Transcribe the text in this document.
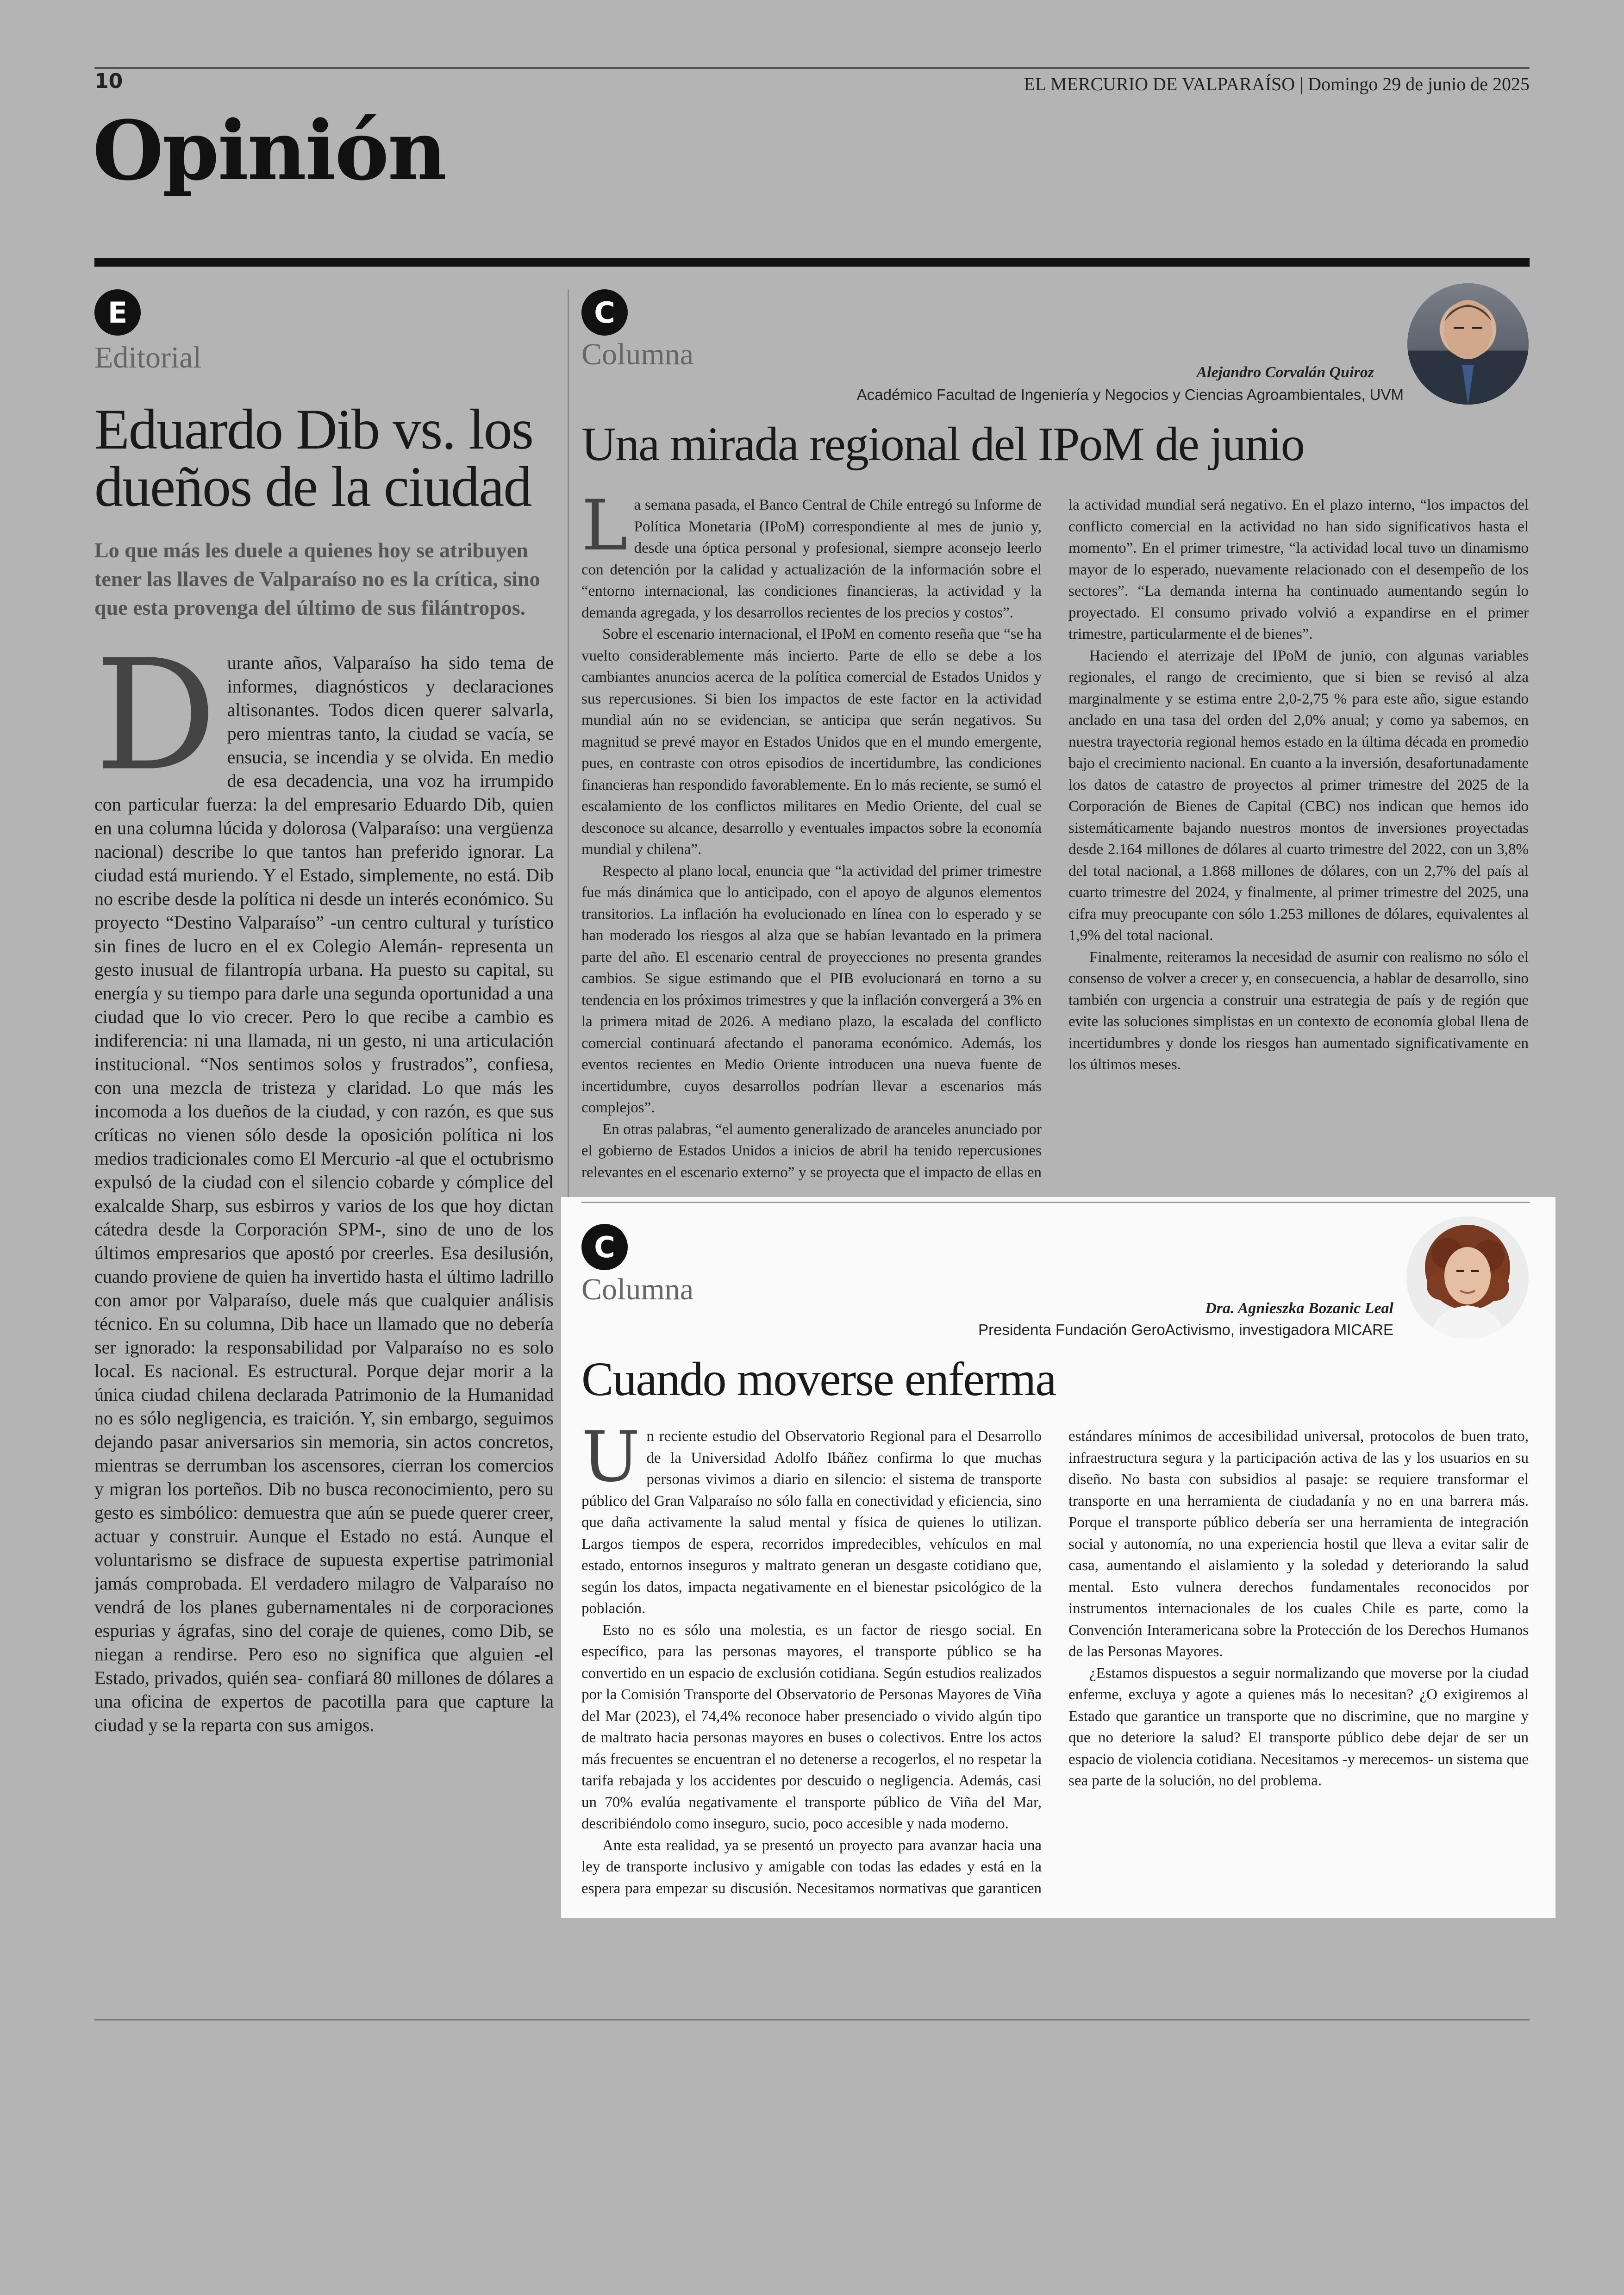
10	EL MERCURIO DE VALPARAÍSO | Domingo 29 de junio de 2025
Opinión
E
Editorial
Eduardo Dib vs. los dueños de la ciudad
Lo que más les duele a quienes hoy se atribuyen tener las llaves de Valparaíso no es la crítica, sino que esta provenga del último de sus filántropos.
D urante años, Valparaíso ha sido tema de informes, diagnósticos y declaraciones altisonantes. Todos dicen querer salvarla, pero mientras tanto, la ciudad se vacía, se ensucia, se incendia y se olvida. En medio de esa decadencia, una voz ha irrumpido con particular fuerza: la del empresario Eduardo Dib, quien en una columna lúcida y dolorosa (Valparaíso: una vergüenza nacional) describe lo que tantos han preferido ignorar. La ciudad está muriendo. Y el Estado, simplemente, no está. Dib no escribe desde la política ni desde un interés económico. Su proyecto “Destino Valparaíso” -un centro cultural y turístico sin fines de lucro en el ex Colegio Alemán- representa un gesto inusual de filantropía urbana. Ha puesto su capital, su energía y su tiempo para darle una segunda oportunidad a una ciudad que lo vio crecer. Pero lo que recibe a cambio es indiferencia: ni una llamada, ni un gesto, ni una articulación institucional. “Nos sentimos solos y frustrados”, confiesa, con una mezcla de tristeza y claridad. Lo que más les incomoda a los dueños de la ciudad, y con razón, es que sus críticas no vienen sólo desde la oposición política ni los medios tradicionales como El Mercurio -al que el octubrismo expulsó de la ciudad con el silencio cobarde y cómplice del exalcalde Sharp, sus esbirros y varios de los que hoy dictan cátedra desde la Corporación SPM-, sino de uno de los últimos empresarios que apostó por creerles. Esa desilusión, cuando proviene de quien ha invertido hasta el último ladrillo con amor por Valparaíso, duele más que cualquier análisis técnico. En su columna, Dib hace un llamado que no debería ser ignorado: la responsabilidad por Valparaíso no es solo local. Es nacional. Es estructural. Porque dejar morir a la única ciudad chilena declarada Patrimonio de la Humanidad no es sólo negligencia, es traición. Y, sin embargo, seguimos dejando pasar aniversarios sin memoria, sin actos concretos, mientras se derrumban los ascensores, cierran los comercios y migran los porteños. Dib no busca reconocimiento, pero su gesto es simbólico: demuestra que aún se puede querer creer, actuar y construir. Aunque el Estado no está. Aunque el voluntarismo se disfrace de supuesta expertise patrimonial jamás comprobada. El verdadero milagro de Valparaíso no vendrá de los planes gubernamentales ni de corporaciones espurias y ágrafas, sino del coraje de quienes, como Dib, se niegan a rendirse. Pero eso no significa que alguien -el Estado, privados, quién sea- confiará 80 millones de dólares a una oficina de expertos de pacotilla para que capture la ciudad y se la reparta con sus amigos.

C
Columna
Alejandro Corvalán Quiroz
Académico Facultad de Ingeniería y Negocios y Ciencias Agroambientales, UVM
Una mirada regional del IPoM de junio
L a semana pasada, el Banco Central de Chile entregó su Informe de Política Monetaria (IPoM) correspondiente al mes de junio y, desde una óptica personal y profesional, siempre aconsejo leerlo con detención por la calidad y actualización de la información sobre el “entorno internacional, las condiciones financieras, la actividad y la demanda agregada, y los desarrollos recientes de los precios y costos”.

Sobre el escenario internacional, el IPoM en comento reseña que “se ha vuelto considerablemente más incierto. Parte de ello se debe a los cambiantes anuncios acerca de la política comercial de Estados Unidos y sus repercusiones. Si bien los impactos de este factor en la actividad mundial aún no se evidencian, se anticipa que serán negativos. Su magnitud se prevé mayor en Estados Unidos que en el mundo emergente, pues, en contraste con otros episodios de incertidumbre, las condiciones financieras han respondido favorablemente. En lo más reciente, se sumó el escalamiento de los conflictos militares en Medio Oriente, del cual se desconoce su alcance, desarrollo y eventuales impactos sobre la economía mundial y chilena”.

Respecto al plano local, enuncia que “la actividad del primer trimestre fue más dinámica que lo anticipado, con el apoyo de algunos elementos transitorios. La inflación ha evolucionado en línea con lo esperado y se han moderado los riesgos al alza que se habían levantado en la primera parte del año. El escenario central de proyecciones no presenta grandes cambios. Se sigue estimando que el PIB evolucionará en torno a su tendencia en los próximos trimestres y que la inflación convergerá a 3% en la primera mitad de 2026. A mediano plazo, la escalada del conflicto comercial continuará afectando el panorama económico. Además, los eventos recientes en Medio Oriente introducen una nueva fuente de incertidumbre, cuyos desarrollos podrían llevar a escenarios más complejos”.

En otras palabras, “el aumento generalizado de aranceles anunciado por el gobierno de Estados Unidos a inicios de abril ha tenido repercusiones relevantes en el escenario externo” y se proyecta que el impacto de ellas en la actividad mundial será negativo. En el plazo interno, “los impactos del conflicto comercial en la actividad no han sido significativos hasta el momento”. En el primer trimestre, “la actividad local tuvo un dinamismo mayor de lo esperado, nuevamente relacionado con el desempeño de los sectores”. “La demanda interna ha continuado aumentando según lo proyectado. El consumo privado volvió a expandirse en el primer trimestre, particularmente el de bienes”.

Haciendo el aterrizaje del IPoM de junio, con algunas variables regionales, el rango de crecimiento, que si bien se revisó al alza marginalmente y se estima entre 2,0-2,75 % para este año, sigue estando anclado en una tasa del orden del 2,0% anual; y como ya sabemos, en nuestra trayectoria regional hemos estado en la última década en promedio bajo el crecimiento nacional. En cuanto a la inversión, desafortunadamente los datos de catastro de proyectos al primer trimestre del 2025 de la Corporación de Bienes de Capital (CBC) nos indican que hemos ido sistemáticamente bajando nuestros montos de inversiones proyectadas desde 2.164 millones de dólares al cuarto trimestre del 2022, con un 3,8% del total nacional, a 1.868 millones de dólares, con un 2,7% del país al cuarto trimestre del 2024, y finalmente, al primer trimestre del 2025, una cifra muy preocupante con sólo 1.253 millones de dólares, equivalentes al 1,9% del total nacional.

Finalmente, reiteramos la necesidad de asumir con realismo no sólo el consenso de volver a crecer y, en consecuencia, a hablar de desarrollo, sino también con urgencia a construir una estrategia de país y de región que evite las soluciones simplistas en un contexto de economía global llena de incertidumbres y donde los riesgos han aumentado significativamente en los últimos meses.

C
Columna
Dra. Agnieszka Bozanic Leal
Presidenta Fundación GeroActivismo, investigadora MICARE
Cuando moverse enferma
U n reciente estudio del Observatorio Regional para el Desarrollo de la Universidad Adolfo Ibáñez confirma lo que muchas personas vivimos a diario en silencio: el sistema de transporte público del Gran Valparaíso no sólo falla en conectividad y eficiencia, sino que daña activamente la salud mental y física de quienes lo utilizan. Largos tiempos de espera, recorridos impredecibles, vehículos en mal estado, entornos inseguros y maltrato generan un desgaste cotidiano que, según los datos, impacta negativamente en el bienestar psicológico de la población.

Esto no es sólo una molestia, es un factor de riesgo social. En específico, para las personas mayores, el transporte público se ha convertido en un espacio de exclusión cotidiana. Según estudios realizados por la Comisión Transporte del Observatorio de Personas Mayores de Viña del Mar (2023), el 74,4% reconoce haber presenciado o vivido algún tipo de maltrato hacia personas mayores en buses o colectivos. Entre los actos más frecuentes se encuentran el no detenerse a recogerlos, el no respetar la tarifa rebajada y los accidentes por descuido o negligencia. Además, casi un 70% evalúa negativamente el transporte público de Viña del Mar, describiéndolo como inseguro, sucio, poco accesible y nada moderno.

Ante esta realidad, ya se presentó un proyecto para avanzar hacia una ley de transporte inclusivo y amigable con todas las edades y está en la espera para empezar su discusión. Necesitamos normativas que garanticen estándares mínimos de accesibilidad universal, protocolos de buen trato, infraestructura segura y la participación activa de las y los usuarios en su diseño. No basta con subsidios al pasaje: se requiere transformar el transporte en una herramienta de ciudadanía y no en una barrera más. Porque el transporte público debería ser una herramienta de integración social y autonomía, no una experiencia hostil que lleva a evitar salir de casa, aumentando el aislamiento y la soledad y deteriorando la salud mental. Esto vulnera derechos fundamentales reconocidos por instrumentos internacionales de los cuales Chile es parte, como la Convención Interamericana sobre la Protección de los Derechos Humanos de las Personas Mayores.

¿Estamos dispuestos a seguir normalizando que moverse por la ciudad enferme, excluya y agote a quienes más lo necesitan? ¿O exigiremos al Estado que garantice un transporte que no discrimine, que no margine y que no deteriore la salud? El transporte público debe dejar de ser un espacio de violencia cotidiana. Necesitamos -y merecemos- un sistema que sea parte de la solución, no del problema.
